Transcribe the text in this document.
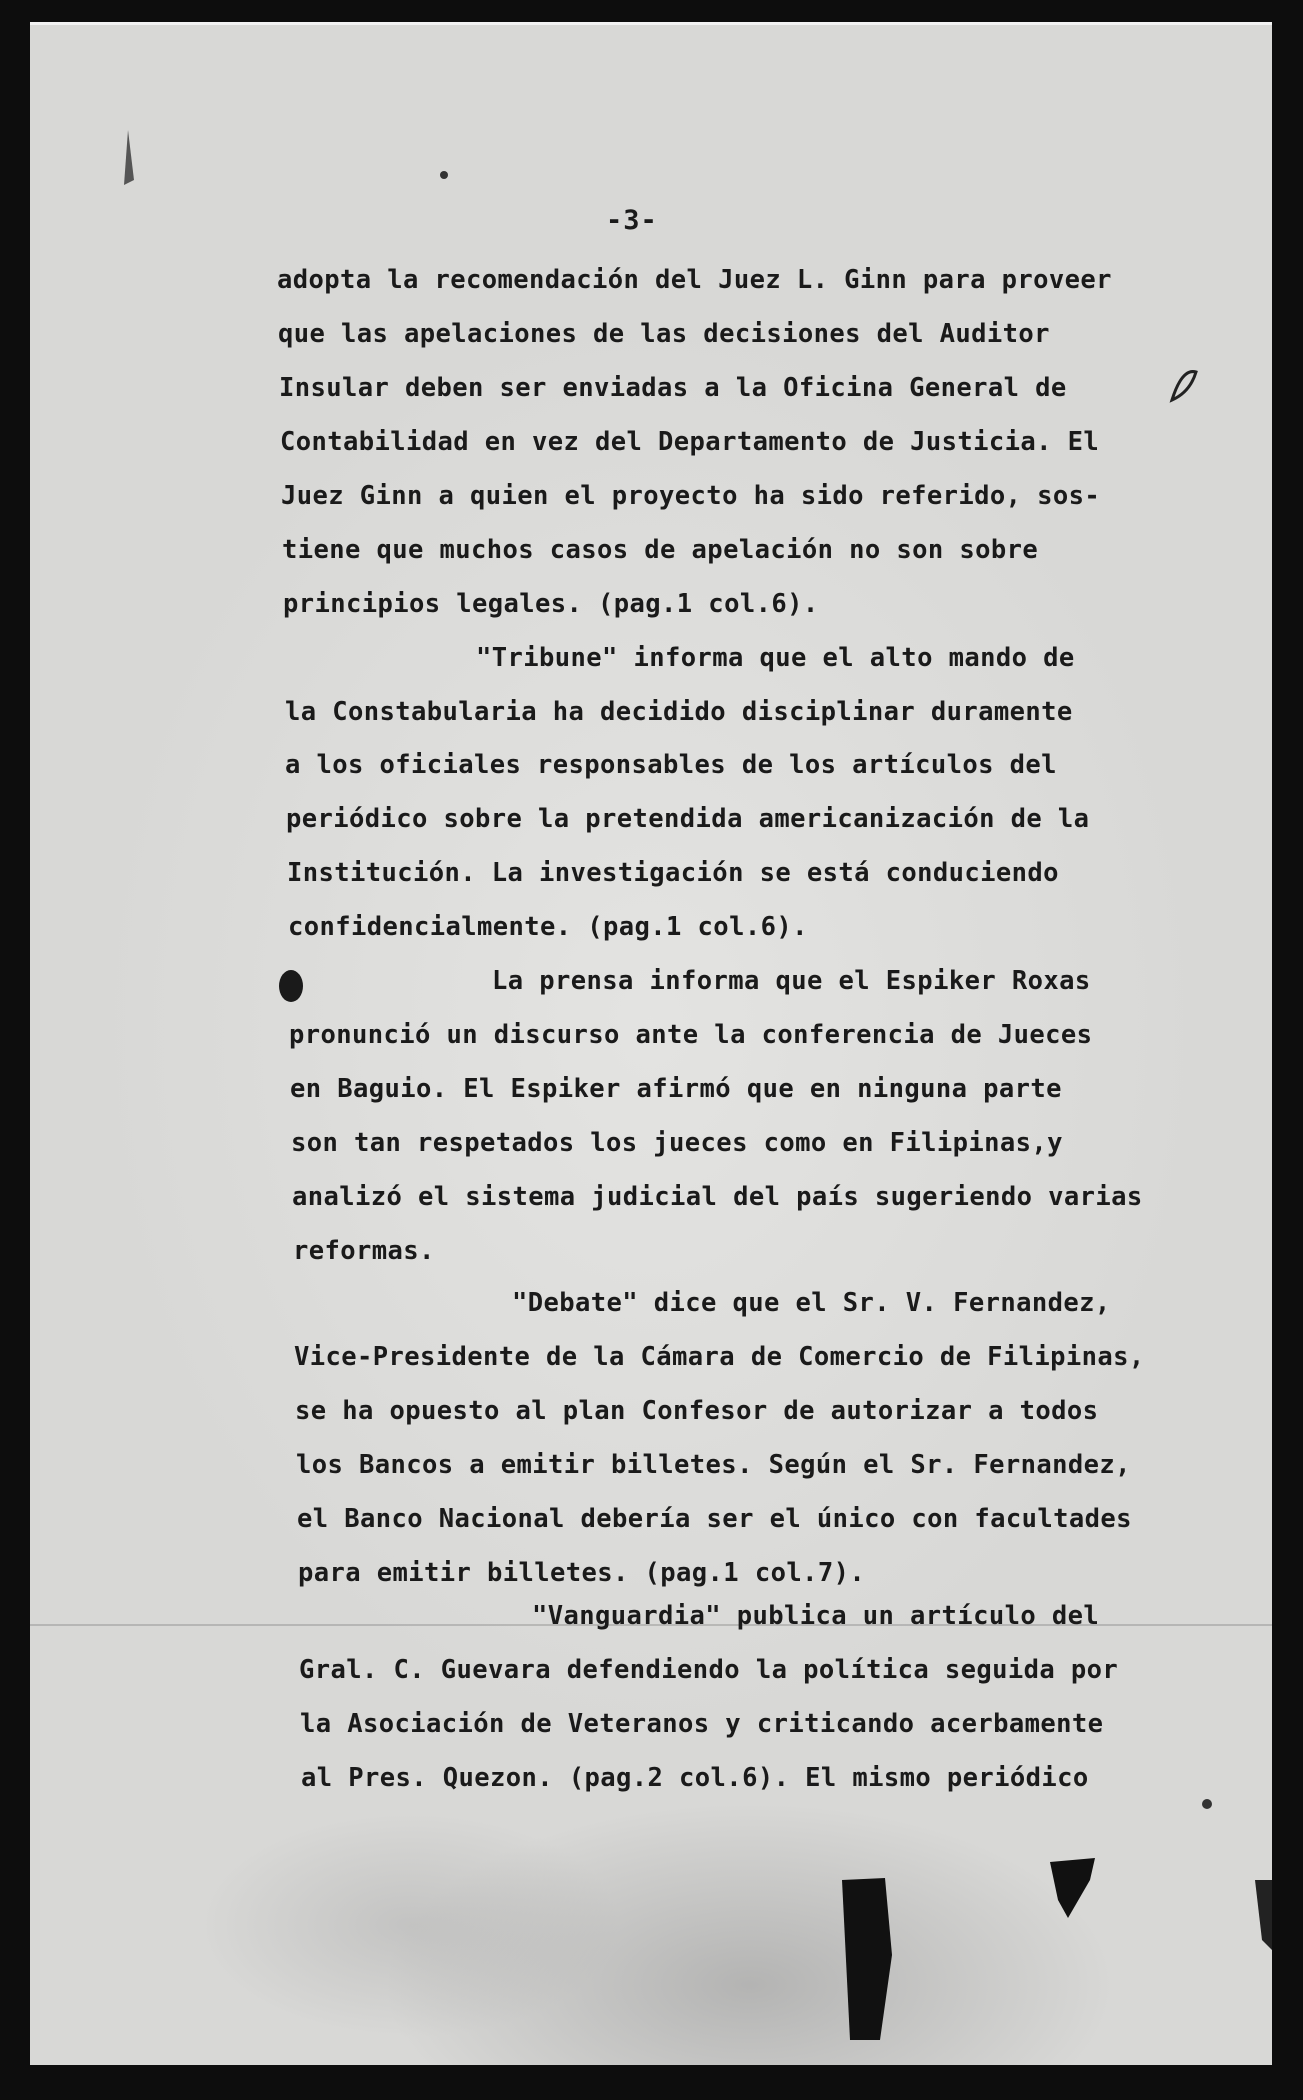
-3-
adopta la recomendación del Juez L. Ginn para proveer
que las apelaciones de las decisiones del Auditor
Insular deben ser enviadas a la Oficina General de
Contabilidad en vez del Departamento de Justicia. El
Juez Ginn a quien el proyecto ha sido referido, sos-
tiene que muchos casos de apelación no son sobre
principios legales. (pag.1 col.6).
"Tribune" informa que el alto mando de
la Constabularia ha decidido disciplinar duramente
a los oficiales responsables de los artículos del
periódico sobre la pretendida americanización de la
Institución. La investigación se está conduciendo
confidencialmente. (pag.1 col.6).
La prensa informa que el Espiker Roxas
pronunció un discurso ante la conferencia de Jueces
en Baguio. El Espiker afirmó que en ninguna parte
son tan respetados los jueces como en Filipinas,y
analizó el sistema judicial del país sugeriendo varias
reformas.
"Debate" dice que el Sr. V. Fernandez,
Vice-Presidente de la Cámara de Comercio de Filipinas,
se ha opuesto al plan Confesor de autorizar a todos
los Bancos a emitir billetes. Según el Sr. Fernandez,
el Banco Nacional debería ser el único con facultades
para emitir billetes. (pag.1 col.7).
"Vanguardia" publica un artículo del
Gral. C. Guevara defendiendo la política seguida por
la Asociación de Veteranos y criticando acerbamente
al Pres. Quezon. (pag.2 col.6). El mismo periódico
